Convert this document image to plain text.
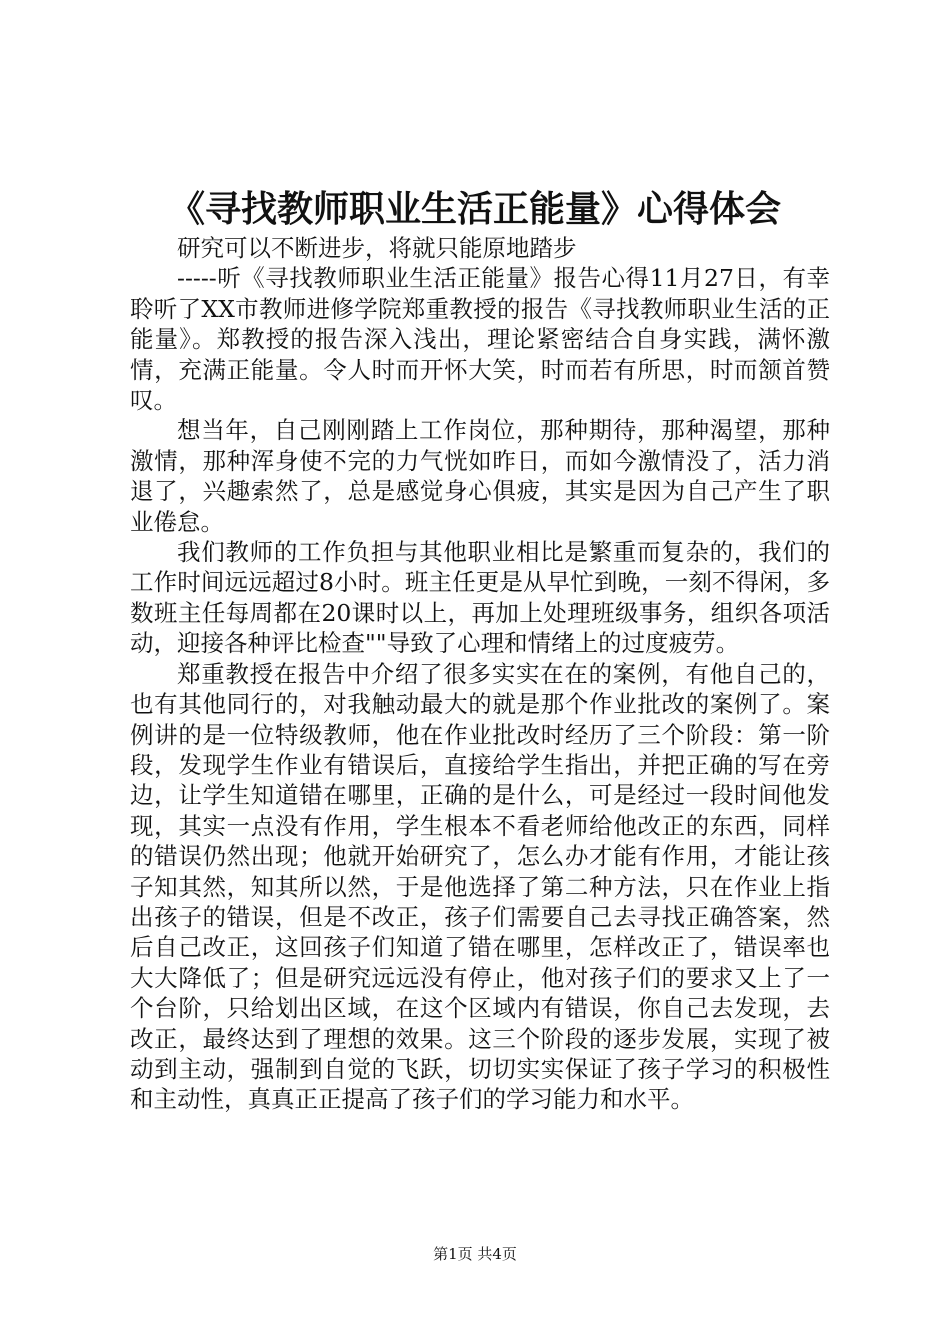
《寻找教师职业生活正能量》心得体会

研究可以不断进步，将就只能原地踏步

-----听《寻找教师职业生活正能量》报告心得11月27日，有幸聆听了XX市教师进修学院郑重教授的报告《寻找教师职业生活的正能量》。郑教授的报告深入浅出，理论紧密结合自身实践，满怀激情，充满正能量。令人时而开怀大笑，时而若有所思，时而颔首赞叹。

想当年，自己刚刚踏上工作岗位，那种期待，那种渴望，那种激情，那种浑身使不完的力气恍如昨日，而如今激情没了，活力消退了，兴趣索然了，总是感觉身心俱疲，其实是因为自己产生了职业倦怠。

我们教师的工作负担与其他职业相比是繁重而复杂的，我们的工作时间远远超过8小时。班主任更是从早忙到晚，一刻不得闲，多数班主任每周都在20课时以上，再加上处理班级事务，组织各项活动，迎接各种评比检查""导致了心理和情绪上的过度疲劳。

郑重教授在报告中介绍了很多实实在在的案例，有他自己的，也有其他同行的，对我触动最大的就是那个作业批改的案例了。案例讲的是一位特级教师，他在作业批改时经历了三个阶段：第一阶段，发现学生作业有错误后，直接给学生指出，并把正确的写在旁边，让学生知道错在哪里，正确的是什么，可是经过一段时间他发现，其实一点没有作用，学生根本不看老师给他改正的东西，同样的错误仍然出现；他就开始研究了，怎么办才能有作用，才能让孩子知其然，知其所以然，于是他选择了第二种方法，只在作业上指出孩子的错误，但是不改正，孩子们需要自己去寻找正确答案，然后自己改正，这回孩子们知道了错在哪里，怎样改正了，错误率也大大降低了；但是研究远远没有停止，他对孩子们的要求又上了一个台阶，只给划出区域，在这个区域内有错误，你自己去发现，去改正，最终达到了理想的效果。这三个阶段的逐步发展，实现了被动到主动，强制到自觉的飞跃，切切实实保证了孩子学习的积极性和主动性，真真正正提高了孩子们的学习能力和水平。

第1页 共4页
